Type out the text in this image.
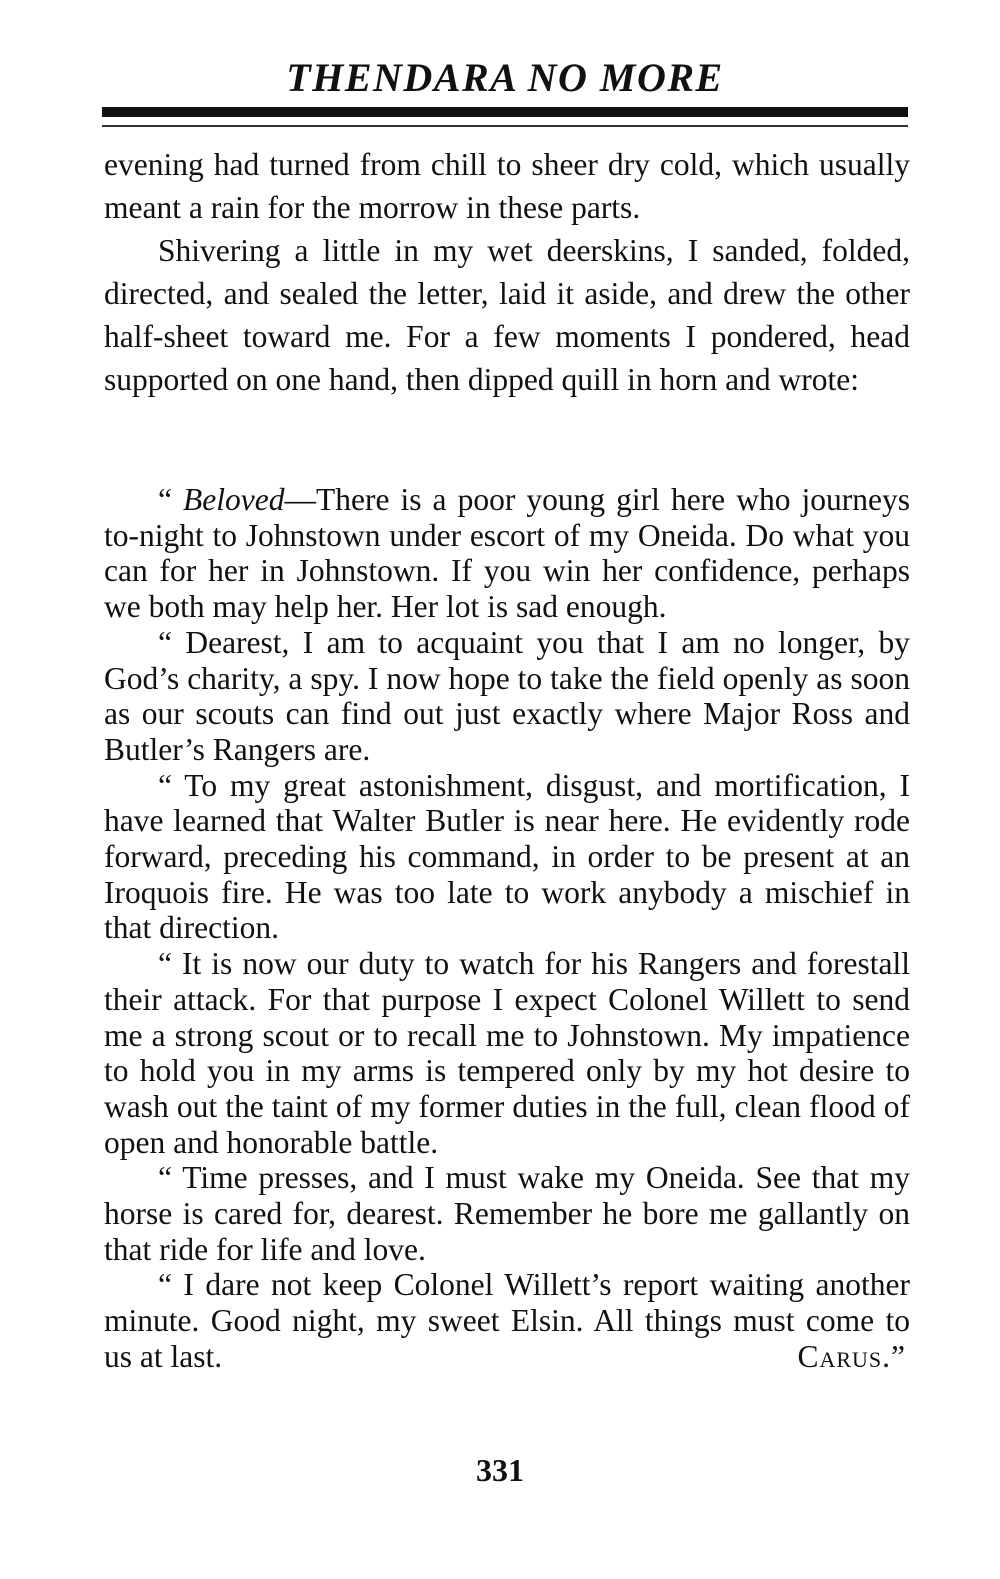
THENDARA NO MORE

evening had turned from chill to sheer dry cold, which usually meant a rain for the morrow in these parts.

Shivering a little in my wet deerskins, I sanded, folded, directed, and sealed the letter, laid it aside, and drew the other half-sheet toward me. For a few moments I pondered, head supported on one hand, then dipped quill in horn and wrote:

“ Beloved—There is a poor young girl here who journeys to-night to Johnstown under escort of my Oneida. Do what you can for her in Johnstown. If you win her confidence, perhaps we both may help her. Her lot is sad enough.

“ Dearest, I am to acquaint you that I am no longer, by God’s charity, a spy. I now hope to take the field openly as soon as our scouts can find out just exactly where Major Ross and Butler’s Rangers are.

“ To my great astonishment, disgust, and mortification, I have learned that Walter Butler is near here. He evidently rode forward, preceding his command, in order to be present at an Iroquois fire. He was too late to work anybody a mischief in that direction.

“ It is now our duty to watch for his Rangers and forestall their attack. For that purpose I expect Colonel Willett to send me a strong scout or to recall me to Johnstown. My impatience to hold you in my arms is tempered only by my hot desire to wash out the taint of my former duties in the full, clean flood of open and honorable battle.

“ Time presses, and I must wake my Oneida. See that my horse is cared for, dearest. Remember he bore me gallantly on that ride for life and love.

“ I dare not keep Colonel Willett’s report waiting another minute. Good night, my sweet Elsin. All things must come to us at last.	Carus.”

331
